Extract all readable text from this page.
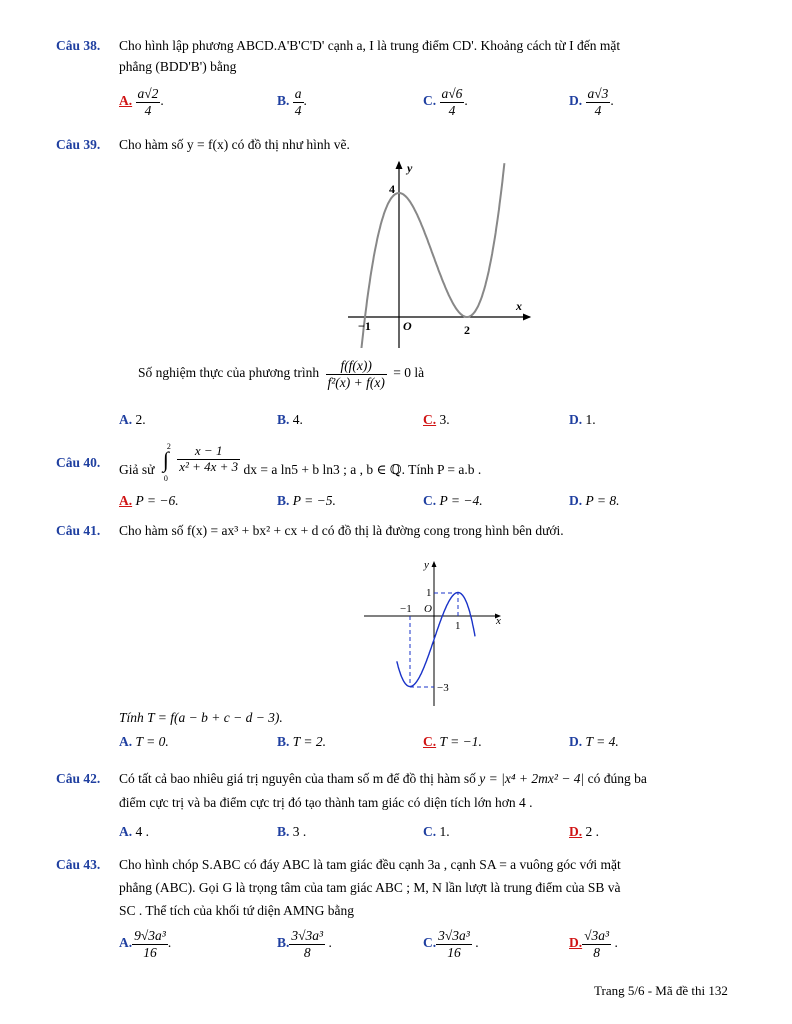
Câu 38. Cho hình lập phương ABCD.A'B'C'D' cạnh a, I là trung điểm CD'. Khoảng cách từ I đến mặt
phẳng (BDD'B') bằng
A. $\frac{a√2}{4}$ .	B. $\frac{a}{4}$ .	C. $\frac{a√6}{4}$ .	D. $\frac{a√3}{4}$ .
Câu 39. Cho hàm số y = f(x) có đồ thị như hình vẽ.
y
x
4
−1	O	2
Số nghiệm thực của phương trình $\frac{f(f(x))}{\text{f²(x) + f(x)}} = 0$ là
A. 2.	B. 4.	C. 3.	D. 1.
Câu 40. Giả sử ∫
2
0

$\frac{x - 1}{\text{x² + 4x + 3}}$ dx = a ln5 + b ln3 ; a , b ∈ ℚ. Tính P = a.b .
A. P = −6.	B. P = −5.	C. P = −4.	D. P = 8.
Câu 41. Cho hàm số f(x) = ax³ + bx² + cx + d có đồ thị là đường cong trong hình bên dưới.
y
x
1
−1 O
1
−3
Tính T = f(a − b + c − d − 3).
A. T = 0.	B. T = 2.	C. T = −1.	D. T = 4.
Câu 42. Có tất cả bao nhiêu giá trị nguyên của tham số m để đồ thị hàm số y = |x⁴ + 2mx² − 4| có đúng ba
điểm cực trị và ba điểm cực trị đó tạo thành tam giác có diện tích lớn hơn 4 .
A. 4 .	B. 3 .	C. 1.	D. 2 .
Câu 43. Cho hình chóp S.ABC có đáy ABC là tam giác đều cạnh 3a , cạnh SA = a vuông góc với mặt
phẳng (ABC). Gọi G là trọng tâm của tam giác ABC ; M, N lần lượt là trung điểm của SB và
SC . Thể tích của khối tứ diện AMNG bằng
A. $\frac{\text{9√3a³}}{16}$ .	B. $\frac{\text{3√3a³}}{8}$ .	C. $\frac{\text{3√3a³}}{16}$ .	D. $\frac{\text{√3a³}}{8}$ .
Trang 5/6 - Mã đề thi 132
